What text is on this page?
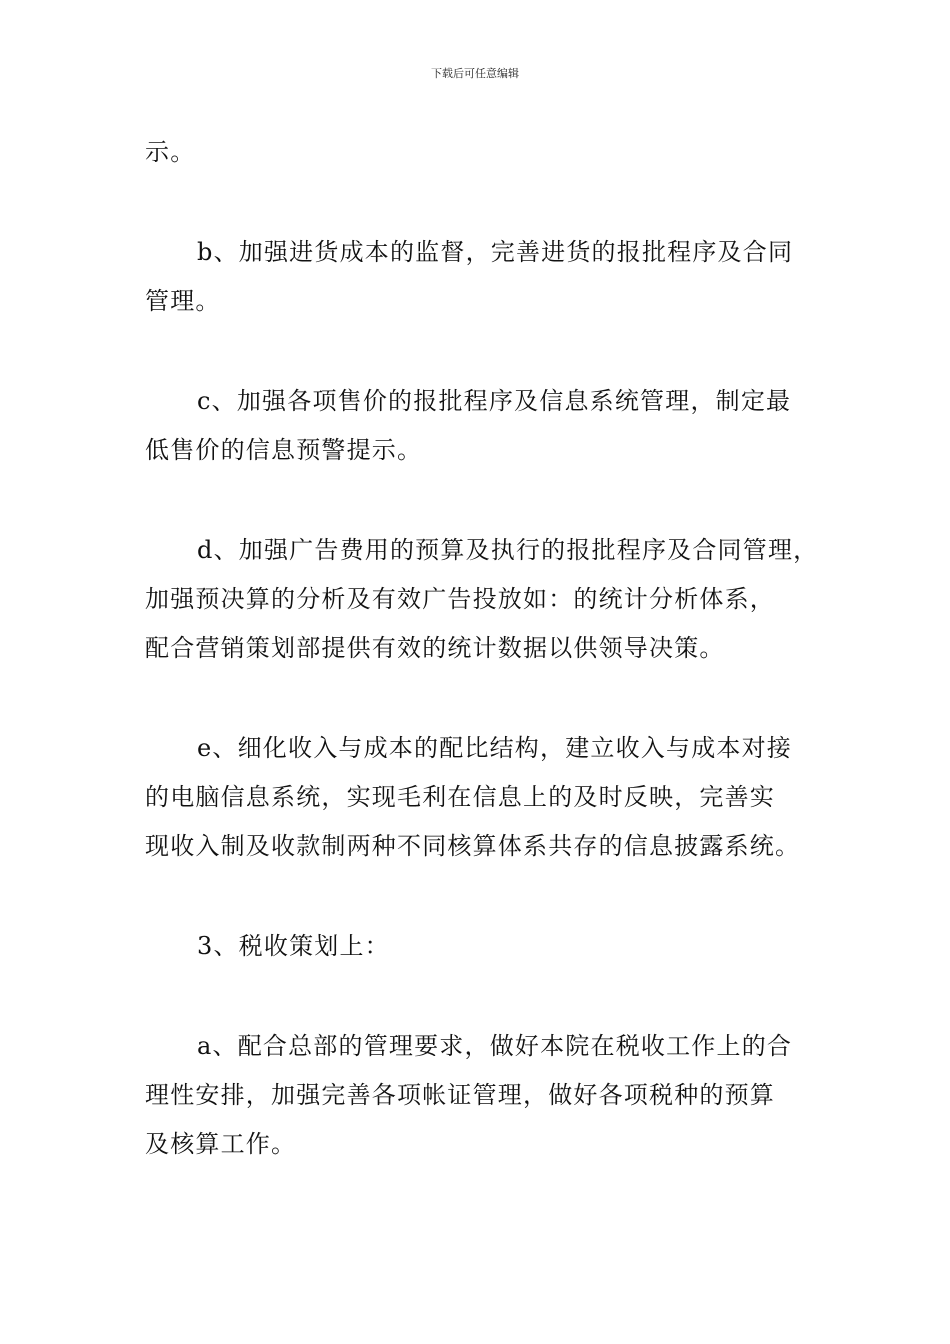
下载后可任意编辑

示。

b、加强进货成本的监督，完善进货的报批程序及合同
管理。

c、加强各项售价的报批程序及信息系统管理，制定最
低售价的信息预警提示。

d、加强广告费用的预算及执行的报批程序及合同管理，
加强预决算的分析及有效广告投放如：的统计分析体系，
配合营销策划部提供有效的统计数据以供领导决策。

e、细化收入与成本的配比结构，建立收入与成本对接
的电脑信息系统，实现毛利在信息上的及时反映，完善实
现收入制及收款制两种不同核算体系共存的信息披露系统。

3、税收策划上：

a、配合总部的管理要求，做好本院在税收工作上的合
理性安排，加强完善各项帐证管理，做好各项税种的预算
及核算工作。
